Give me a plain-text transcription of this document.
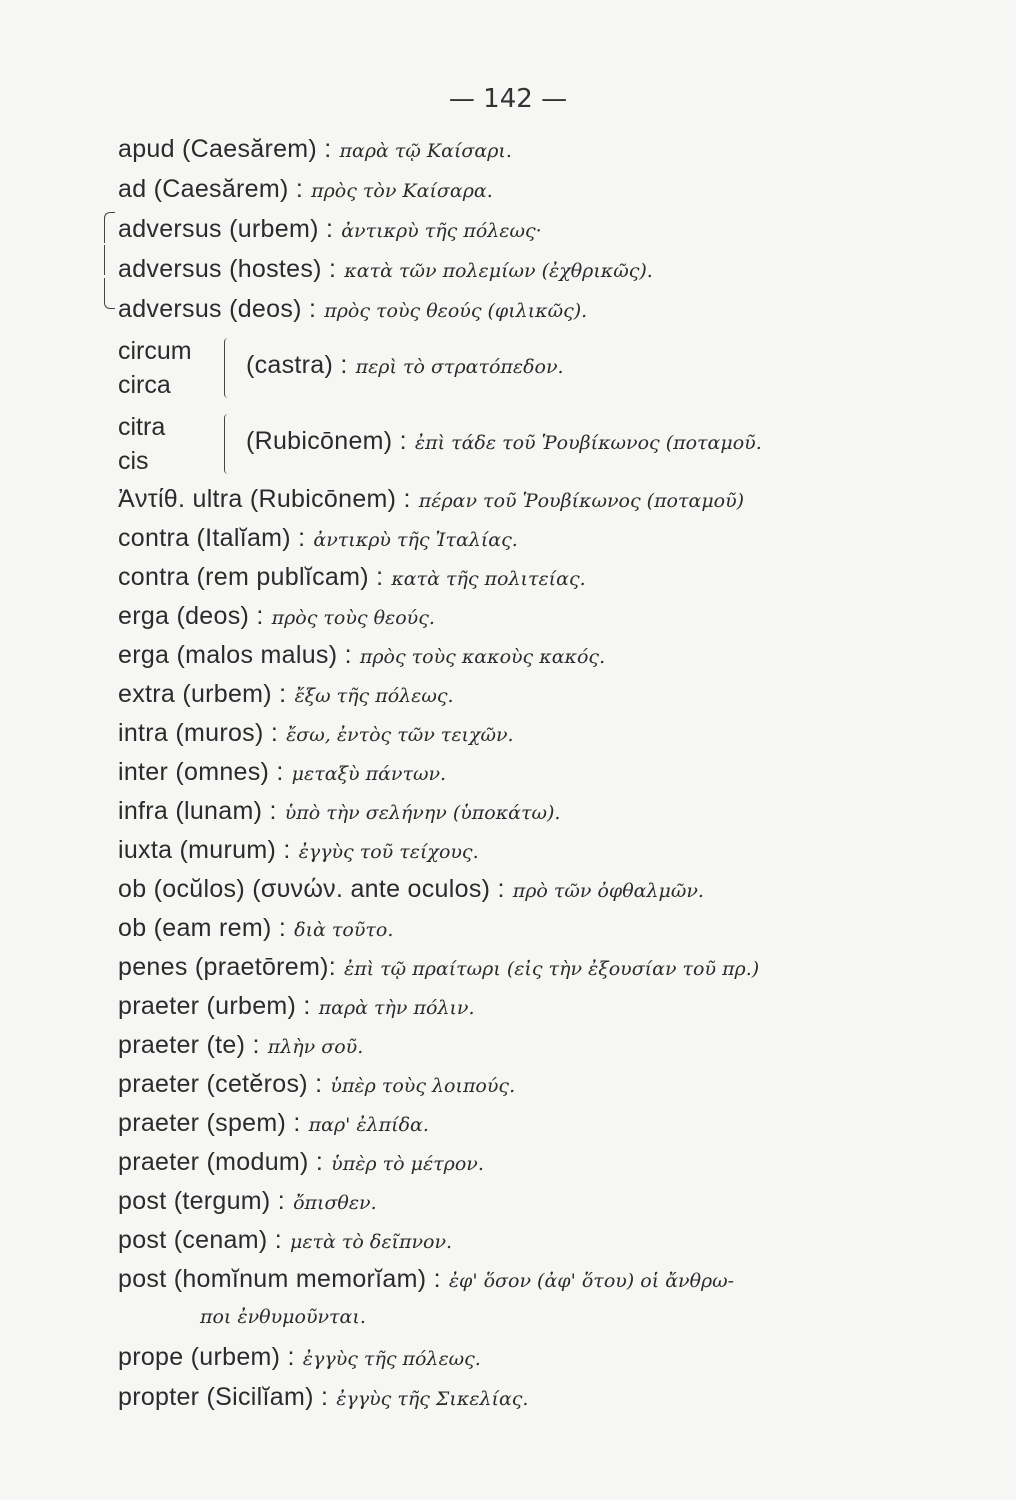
— 142 —
apud (Caesărem) : παρὰ τῷ Καίσαρι.
ad (Caesărem) : πρὸς τὸν Καίσαρα.
adversus (urbem) : ἀντικρὺ τῆς πόλεως·
adversus (hostes) : κατὰ τῶν πολεμίων (ἐχθρικῶς).
adversus (deos) : πρὸς τοὺς θεούς (φιλικῶς).
circum
circa
(castra) : περὶ τὸ στρατόπεδον.
citra
cis
(Rubicōnem) : ἐπὶ τάδε τοῦ Ῥουβίκωνος (ποταμοῦ.
Ἀντίθ. ultra (Rubicōnem) : πέραν τοῦ Ῥουβίκωνος (ποταμοῦ)
contra (Italĭam) : ἀντικρὺ τῆς Ἰταλίας.
contra (rem publĭcam) : κατὰ τῆς πολιτείας.
erga (deos) : πρὸς τοὺς θεούς.
erga (malos malus) : πρὸς τοὺς κακοὺς κακός.
extra (urbem) : ἔξω τῆς πόλεως.
intra (muros) : ἔσω, ἐντὸς τῶν τειχῶν.
inter (omnes) : μεταξὺ πάντων.
infra (lunam) : ὑπὸ τὴν σελήνην (ὑποκάτω).
iuxta (murum) : ἐγγὺς τοῦ τείχους.
ob (ocŭlos) (συνών. ante oculos) : πρὸ τῶν ὀφθαλμῶν.
ob (eam rem) : διὰ τοῦτο.
penes (praetōrem): ἐπὶ τῷ πραίτωρι (εἰς τὴν ἐξουσίαν τοῦ πρ.)
praeter (urbem) : παρὰ τὴν πόλιν.
praeter (te) : πλὴν σοῦ.
praeter (cetĕros) : ὑπὲρ τοὺς λοιπούς.
praeter (spem) : παρ' ἐλπίδα.
praeter (modum) : ὑπὲρ τὸ μέτρον.
post (tergum) : ὄπισθεν.
post (cenam) : μετὰ τὸ δεῖπνον.
post (homĭnum memorĭam) : ἐφ' ὅσον (ἀφ' ὅτου) οἱ ἄνθρω-
ποι ἐνθυμοῦνται.
prope (urbem) : ἐγγὺς τῆς πόλεως.
propter (Sicilĭam) : ἐγγὺς τῆς Σικελίας.
